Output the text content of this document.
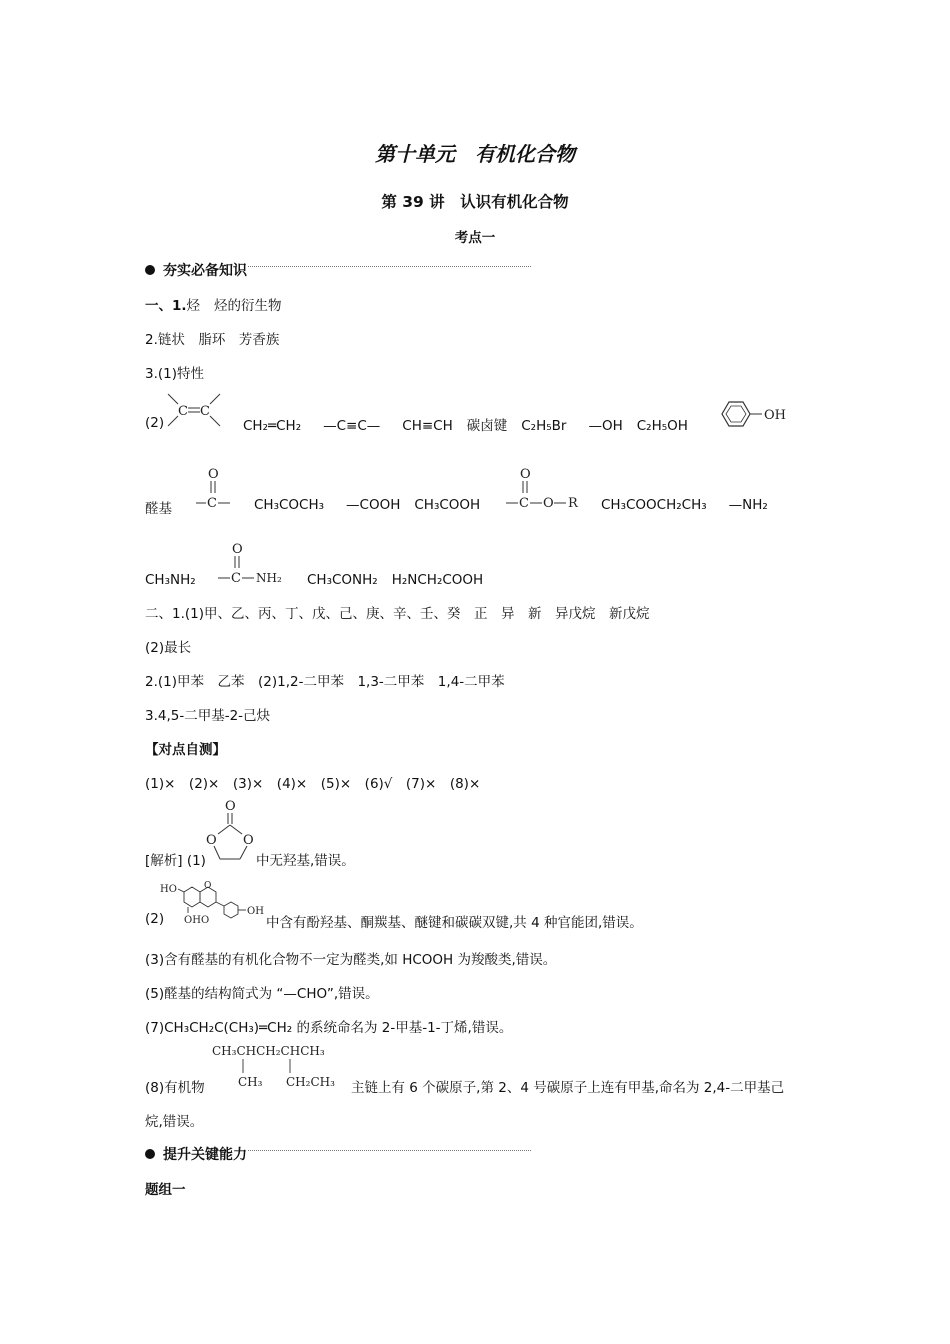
第十单元　有机化合物
第 39 讲　认识有机化合物
考点一
夯实必备知识
一、1.烃 烃的衍生物
2.链状　脂环　芳香族
3.(1)特性
(2)
C C
CH₂═CH₂ —C≡C— CH≡CH 碳卤键 C₂H₅Br —OH C₂H₅OH
OH
醛基
O
C	CH₃COCH₃ —COOH CH₃COOH
O
C O R CH₃COOCH₂CH₃ —NH₂
CH₃NH₂
O
C NH₂ CH₃CONH₂ H₂NCH₂COOH
二、1.(1)甲、乙、丙、丁、戊、己、庚、辛、壬、癸　正　异　新　异戊烷　新戊烷
(2)最长
2.(1)甲苯　乙苯　(2)1,2-二甲苯　1,3-二甲苯　1,4-二甲苯
3.4,5-二甲基-2-己炔
【对点自测】
(1)×　(2)×　(3)×　(4)×　(5)×　(6)√　(7)×　(8)×
[解析] (1)
O
O O
中无羟基,错误。
(2)
HO	O
OH O
OH
中含有酚羟基、酮羰基、醚键和碳碳双键,共 4 种官能团,错误。
(3)含有醛基的有机化合物不一定为醛类,如 HCOOH 为羧酸类,错误。
(5)醛基的结构简式为 “—CHO”,错误。
(7)CH₃CH₂C(CH₃)═CH₂ 的系统命名为 2-甲基-1-丁烯,错误。
(8)有机物
CH₃CHCH₂CHCH₃
CH₃ CH₂CH₃ 主链上有 6 个碳原子,第 2、4 号碳原子上连有甲基,命名为 2,4-二甲基己
烷,错误。
提升关键能力
题组一
